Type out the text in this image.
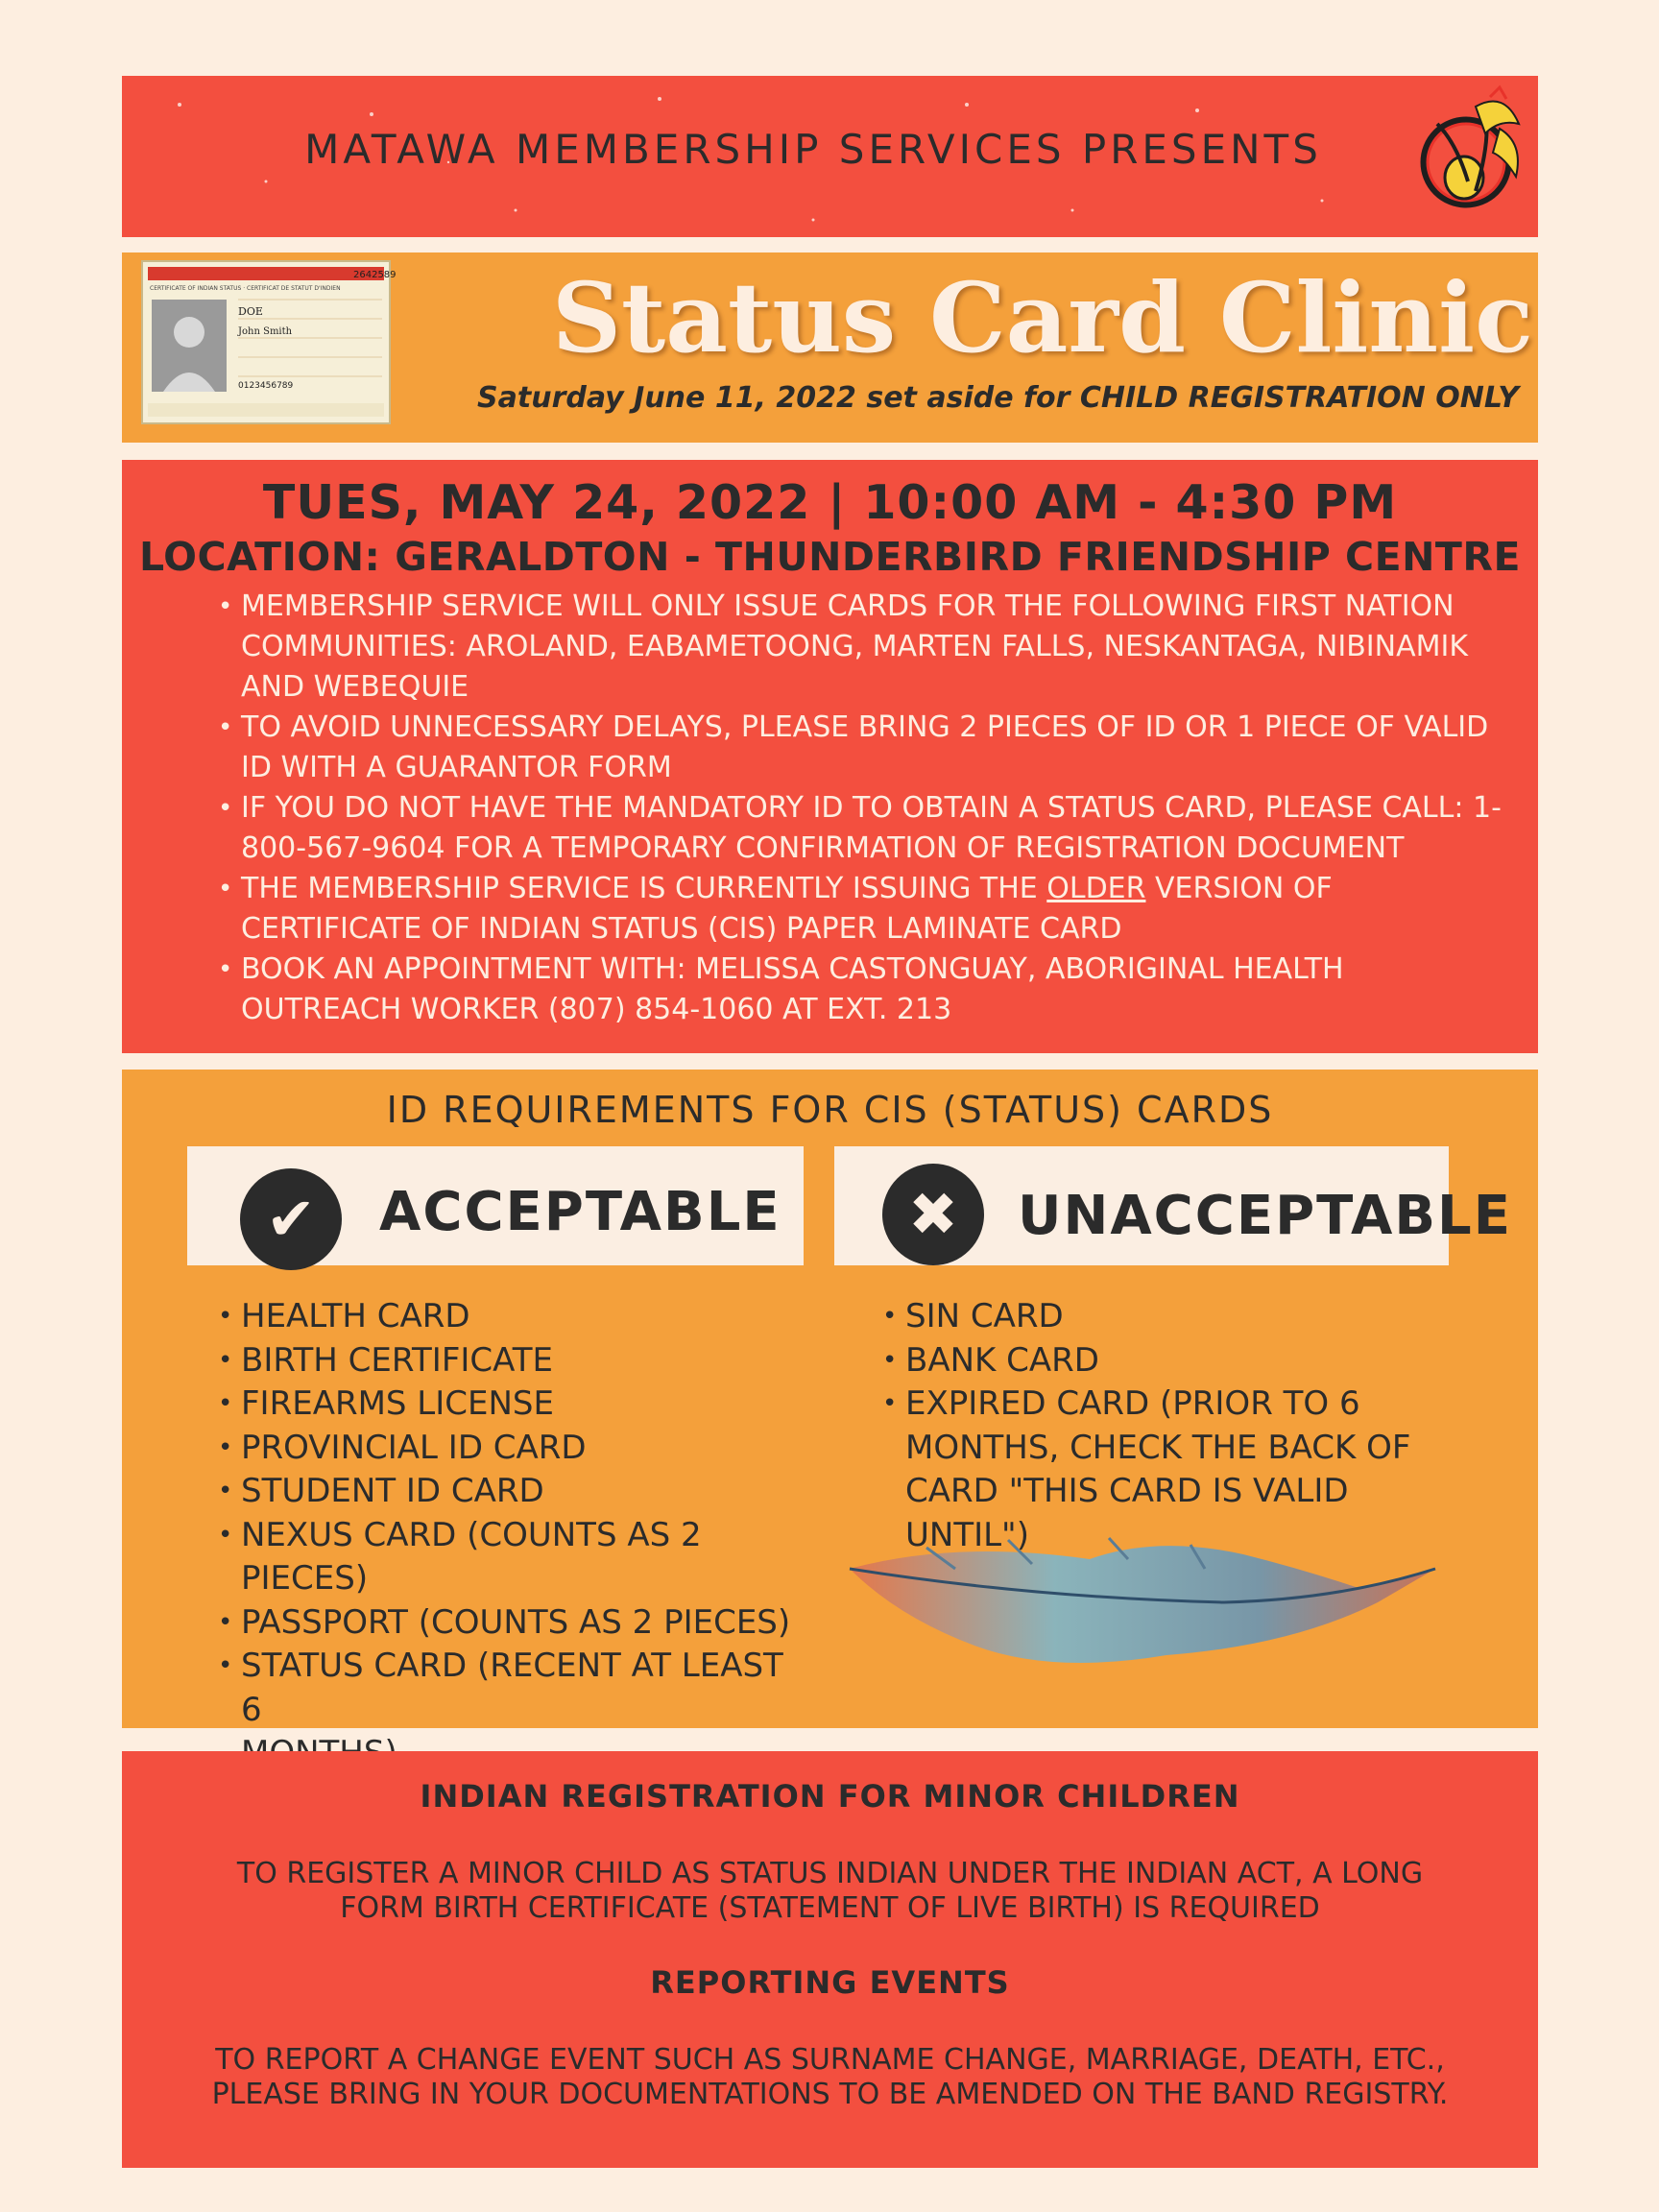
MATAWA MEMBERSHIP SERVICES PRESENTS
2642589
CERTIFICATE OF INDIAN STATUS · CERTIFICAT DE STATUT D'INDIEN
DOE
John Smith
0123456789
Status Card Clinic
Saturday June 11, 2022 set aside for CHILD REGISTRATION ONLY
TUES, MAY 24, 2022 | 10:00 AM - 4:30 PM
LOCATION: GERALDTON - THUNDERBIRD FRIENDSHIP CENTRE
• MEMBERSHIP SERVICE WILL ONLY ISSUE CARDS FOR THE FOLLOWING FIRST NATION
COMMUNITIES: AROLAND, EABAMETOONG, MARTEN FALLS, NESKANTAGA, NIBINAMIK
AND WEBEQUIE
• TO AVOID UNNECESSARY DELAYS, PLEASE BRING 2 PIECES OF ID OR 1 PIECE OF VALID
ID WITH A GUARANTOR FORM
• IF YOU DO NOT HAVE THE MANDATORY ID TO OBTAIN A STATUS CARD, PLEASE CALL: 1-
800-567-9604 FOR A TEMPORARY CONFIRMATION OF REGISTRATION DOCUMENT
• THE MEMBERSHIP SERVICE IS CURRENTLY ISSUING THE OLDER VERSION OF
CERTIFICATE OF INDIAN STATUS (CIS) PAPER LAMINATE CARD
• BOOK AN APPOINTMENT WITH: MELISSA CASTONGUAY, ABORIGINAL HEALTH
OUTREACH WORKER (807) 854-1060 AT EXT. 213
ID REQUIREMENTS FOR CIS (STATUS) CARDS
✔	ACCEPTABLE	✖	UNACCEPTABLE
• HEALTH CARD
• BIRTH CERTIFICATE
• FIREARMS LICENSE
• PROVINCIAL ID CARD
• STUDENT ID CARD
• NEXUS CARD (COUNTS AS 2 PIECES)
• PASSPORT (COUNTS AS 2 PIECES)
• STATUS CARD (RECENT AT LEAST 6
• SIN CARD
• BANK CARD
• EXPIRED CARD (PRIOR TO 6
MONTHS, CHECK THE BACK OF
CARD "THIS CARD IS VALID UNTIL")
INDIAN REGISTRATION FOR MINOR CHILDREN
TO REGISTER A MINOR CHILD AS STATUS INDIAN UNDER THE INDIAN ACT, A LONG
FORM BIRTH CERTIFICATE (STATEMENT OF LIVE BIRTH) IS REQUIRED
REPORTING EVENTS
TO REPORT A CHANGE EVENT SUCH AS SURNAME CHANGE, MARRIAGE, DEATH, ETC.,
PLEASE BRING IN YOUR DOCUMENTATIONS TO BE AMENDED ON THE BAND REGISTRY.
